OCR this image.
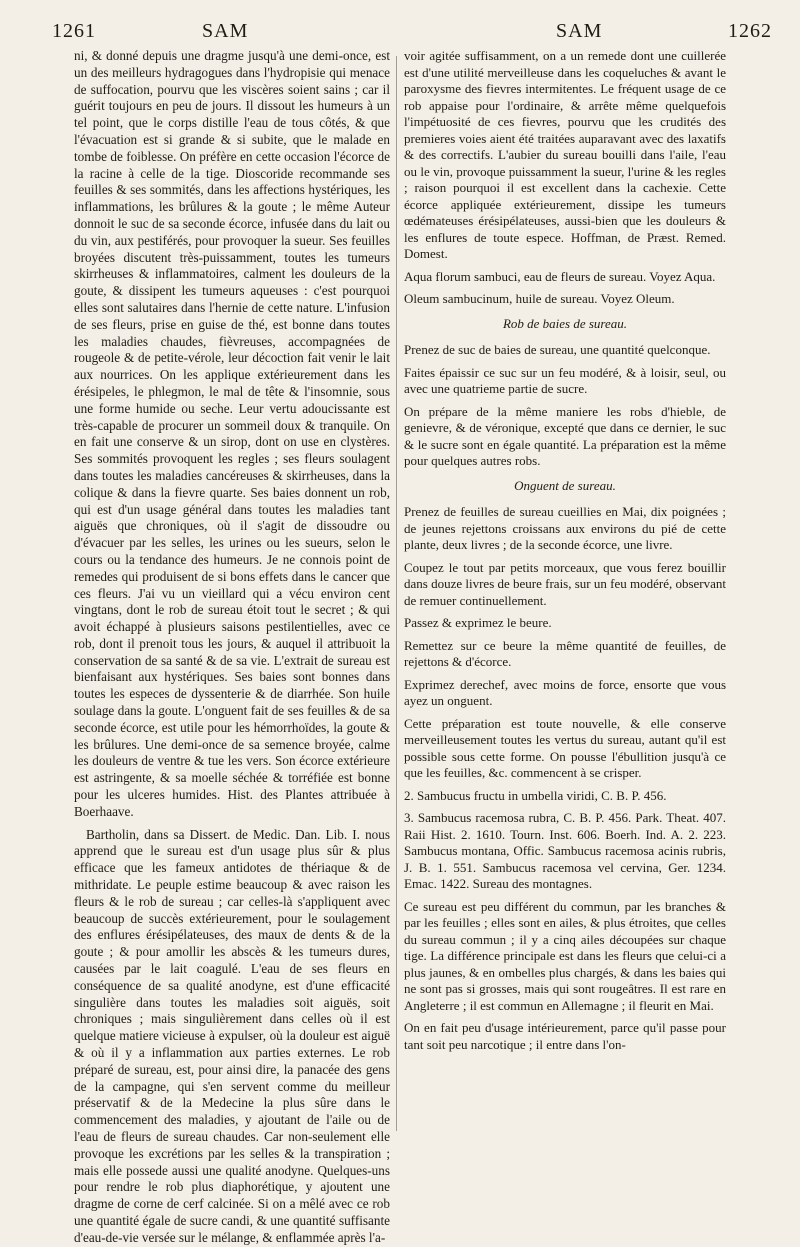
1261	SAM	SAM	1262

ni, & donné depuis une dragme jusqu'à une demi-once, est un des meilleurs hydragogues dans l'hydropisie qui menace de suffocation, pourvu que les viscères soient sains ; car il guérit toujours en peu de jours. Il dissout les humeurs à un tel point, que le corps distille l'eau de tous côtés, & que l'évacuation est si grande & si subite, que le malade en tombe de foiblesse. On préfère en cette occasion l'écorce de la racine à celle de la tige. Dioscoride recommande ses feuilles & ses sommités, dans les affections hystériques, les inflammations, les brûlures & la goute ; le même Auteur donnoit le suc de sa seconde écorce, infusée dans du lait ou du vin, aux pestiférés, pour provoquer la sueur. Ses feuilles broyées discutent très-puissamment, toutes les tumeurs skirrheuses & inflammatoires, calment les douleurs de la goute, & dissipent les tumeurs aqueuses : c'est pourquoi elles sont salutaires dans l'hernie de cette nature. L'infusion de ses fleurs, prise en guise de thé, est bonne dans toutes les maladies chaudes, fièvreuses, accompagnées de rougeole & de petite-vérole, leur décoction fait venir le lait aux nourrices. On les applique extérieurement dans les érésipeles, le phlegmon, le mal de tête & l'insomnie, sous une forme humide ou seche. Leur vertu adoucissante est très-capable de procurer un sommeil doux & tranquile. On en fait une conserve & un sirop, dont on use en clystères. Ses sommités provoquent les regles ; ses fleurs soulagent dans toutes les maladies cancéreuses & skirrheuses, dans la colique & dans la fievre quarte. Ses baies donnent un rob, qui est d'un usage général dans toutes les maladies tant aiguës que chroniques, où il s'agit de dissoudre ou d'évacuer par les selles, les urines ou les sueurs, selon le cours ou la tendance des humeurs. Je ne connois point de remedes qui produisent de si bons effets dans le cancer que ces fleurs. J'ai vu un vieillard qui a vécu environ cent vingtans, dont le rob de sureau étoit tout le secret ; & qui avoit échappé à plusieurs saisons pestilentielles, avec ce rob, dont il prenoit tous les jours, & auquel il attribuoit la conservation de sa santé & de sa vie. L'extrait de sureau est bienfaisant aux hystériques. Ses baies sont bonnes dans toutes les especes de dyssenterie & de diarrhée. Son huile soulage dans la goute. L'onguent fait de ses feuilles & de sa seconde écorce, est utile pour les hémorrhoïdes, la goute & les brûlures. Une demi-once de sa semence broyée, calme les douleurs de ventre & tue les vers. Son écorce extérieure est astringente, & sa moelle séchée & torréfiée est bonne pour les ulceres humides. Hist. des Plantes attribuée à Boerhaave.

Bartholin, dans sa Dissert. de Medic. Dan. Lib. I. nous apprend que le sureau est d'un usage plus sûr & plus efficace que les fameux antidotes de thériaque & de mithridate. Le peuple estime beaucoup & avec raison les fleurs & le rob de sureau ; car celles-là s'appliquent avec beaucoup de succès extérieurement, pour le soulagement des enflures érésipélateuses, des maux de dents & de la goute ; & pour amollir les abscès & les tumeurs dures, causées par le lait coagulé. L'eau de ses fleurs en conséquence de sa qualité anodyne, est d'une efficacité singulière dans toutes les maladies soit aiguës, soit chroniques ; mais singulièrement dans celles où il est quelque matiere vicieuse à expulser, où la douleur est aiguë & où il y a inflammation aux parties externes. Le rob préparé de sureau, est, pour ainsi dire, la panacée des gens de la campagne, qui s'en servent comme du meilleur préservatif & de la Medecine la plus sûre dans le commencement des maladies, y ajoutant de l'aile ou de l'eau de fleurs de sureau chaudes. Car non-seulement elle provoque les excrétions par les selles & la transpiration ; mais elle possede aussi une qualité anodyne. Quelques-uns pour rendre le rob plus diaphorétique, y ajoutent une dragme de corne de cerf calcinée. Si on a mêlé avec ce rob une quantité égale de sucre candi, & une quantité suffisante d'eau-de-vie versée sur le mélange, & enflammée après l'a-

voir agitée suffisamment, on a un remede dont une cuillerée est d'une utilité merveilleuse dans les coqueluches & avant le paroxysme des fievres intermitentes. Le fréquent usage de ce rob appaise pour l'ordinaire, & arrête même quelquefois l'impétuosité de ces fievres, pourvu que les crudités des premieres voies aient été traitées auparavant avec des laxatifs & des correctifs. L'aubier du sureau bouilli dans l'aile, l'eau ou le vin, provoque puissamment la sueur, l'urine & les regles ; raison pourquoi il est excellent dans la cachexie. Cette écorce appliquée extérieurement, dissipe les tumeurs œdémateuses érésipélateuses, aussi-bien que les douleurs & les enflures de toute espece. Hoffman, de Præst. Remed. Domest.

Aqua florum sambuci, eau de fleurs de sureau. Voyez Aqua.

Oleum sambucinum, huile de sureau. Voyez Oleum.

Rob de baies de sureau.

Prenez de suc de baies de sureau, une quantité quelconque.

Faites épaissir ce suc sur un feu modéré, & à loisir, seul, ou avec une quatrieme partie de sucre.

On prépare de la même maniere les robs d'hieble, de genievre, & de véronique, excepté que dans ce dernier, le suc & le sucre sont en égale quantité. La préparation est la même pour quelques autres robs.

Onguent de sureau.

Prenez de feuilles de sureau cueillies en Mai, dix poignées ; de jeunes rejettons croissans aux environs du pié de cette plante, deux livres ; de la seconde écorce, une livre.

Coupez le tout par petits morceaux, que vous ferez bouillir dans douze livres de beure frais, sur un feu modéré, observant de remuer continuellement.

Passez & exprimez le beure.

Remettez sur ce beure la même quantité de feuilles, de rejettons & d'écorce.

Exprimez derechef, avec moins de force, ensorte que vous ayez un onguent.

Cette préparation est toute nouvelle, & elle conserve merveilleusement toutes les vertus du sureau, autant qu'il est possible sous cette forme. On pousse l'ébullition jusqu'à ce que les feuilles, &c. commencent à se crisper.

2. Sambucus fructu in umbella viridi, C. B. P. 456.

3. Sambucus racemosa rubra, C. B. P. 456. Park. Theat. 407. Raii Hist. 2. 1610. Tourn. Inst. 606. Boerh. Ind. A. 2. 223. Sambucus montana, Offic. Sambucus racemosa acinis rubris, J. B. 1. 551. Sambucus racemosa vel cervina, Ger. 1234. Emac. 1422. Sureau des montagnes.

Ce sureau est peu différent du commun, par les branches & par les feuilles ; elles sont en ailes, & plus étroites, que celles du sureau commun ; il y a cinq ailes découpées sur chaque tige. La différence principale est dans les fleurs que celui-ci a plus jaunes, & en ombelles plus chargés, & dans les baies qui ne sont pas si grosses, mais qui sont rougeâtres. Il est rare en Angleterre ; il est commun en Allemagne ; il fleurit en Mai.

On en fait peu d'usage intérieurement, parce qu'il passe pour tant soit peu narcotique ; il entre dans l'on-
